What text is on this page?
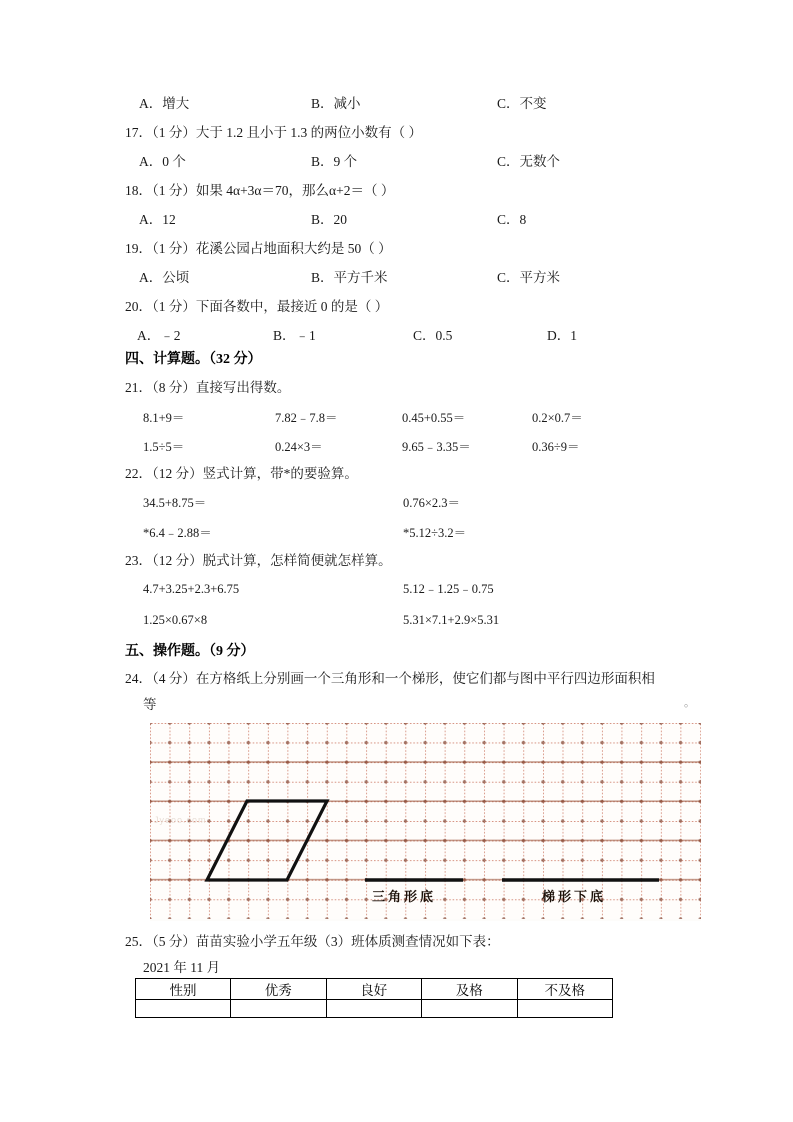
A．增大	B．减小	C．不变
17．（1 分）大于 1.2 且小于 1.3 的两位小数有（ ）
A．0 个	B．9 个	C．无数个
18．（1 分）如果 4α+3α＝70，那么α+2＝（ ）
A．12	B．20	C．8
19．（1 分）花溪公园占地面积大约是 50（ ）
A．公顷	B．平方千米	C．平方米
20．（1 分）下面各数中，最接近 0 的是（ ）
A．﹣2	B．﹣1	C．0.5	D．1
四、计算题。（32 分）
21．（8 分）直接写出得数。
8.1+9＝	7.82﹣7.8＝	0.45+0.55＝	0.2×0.7＝
1.5÷5＝	0.24×3＝	9.65﹣3.35＝	0.36÷9＝
22．（12 分）竖式计算，带*的要验算。
34.5+8.75＝	0.76×2.3＝
*6.4﹣2.88＝	*5.12÷3.2＝
23．（12 分）脱式计算，怎样简便就怎样算。
4.7+3.25+2.3+6.75	5.12﹣1.25﹣0.75
1.25×0.67×8	5.31×7.1+2.9×5.31
五、操作题。（9 分）
24．（4 分）在方格纸上分别画一个三角形和一个梯形，使它们都与图中平行四边形面积相
等	。
Jyeoo.com
三角形底	梯形下底
25．（5 分）苗苗实验小学五年级（3）班体质测查情况如下表：
2021 年 11 月
性别	优秀	良好	及格	不及格
